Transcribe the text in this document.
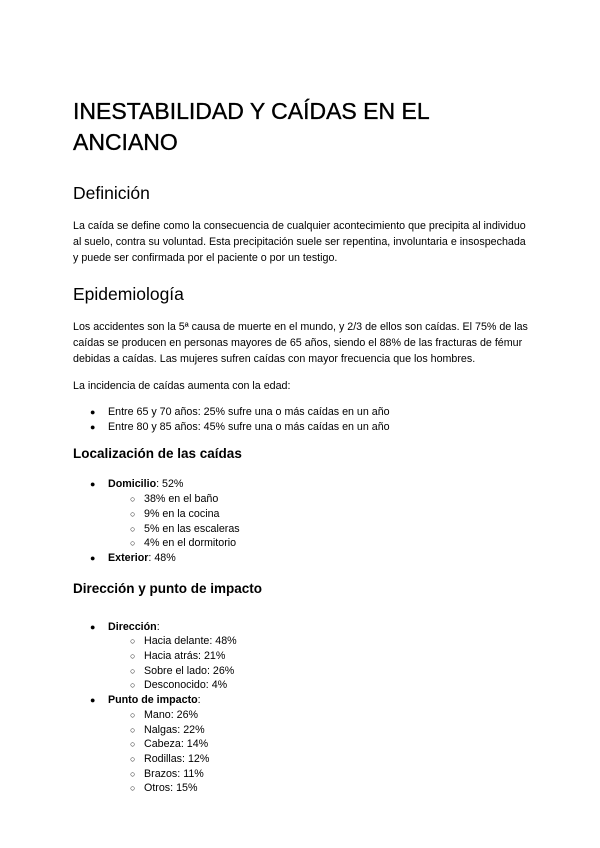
INESTABILIDAD Y CAÍDAS EN EL ANCIANO
Definición

La caída se define como la consecuencia de cualquier acontecimiento que precipita al individuo al suelo, contra su voluntad. Esta precipitación suele ser repentina, involuntaria e insospechada y puede ser confirmada por el paciente o por un testigo.

Epidemiología

Los accidentes son la 5ª causa de muerte en el mundo, y 2/3 de ellos son caídas. El 75% de las caídas se producen en personas mayores de 65 años, siendo el 88% de las fracturas de fémur debidas a caídas. Las mujeres sufren caídas con mayor frecuencia que los hombres.

La incidencia de caídas aumenta con la edad:

●	Entre 65 y 70 años: 25% sufre una o más caídas en un año
●	Entre 80 y 85 años: 45% sufre una o más caídas en un año
Localización de las caídas
●	Domicilio: 52%
○ 38% en el baño
○ 9% en la cocina
○ 5% en las escaleras
○ 4% en el dormitorio
●	Exterior: 48%
Dirección y punto de impacto
●	Dirección:
○ Hacia delante: 48%
○ Hacia atrás: 21%
○ Sobre el lado: 26%
○ Desconocido: 4%
●	Punto de impacto:
○ Mano: 26%
○ Nalgas: 22%
○ Cabeza: 14%
○ Rodillas: 12%
○ Brazos: 11%
○ Otros: 15%
